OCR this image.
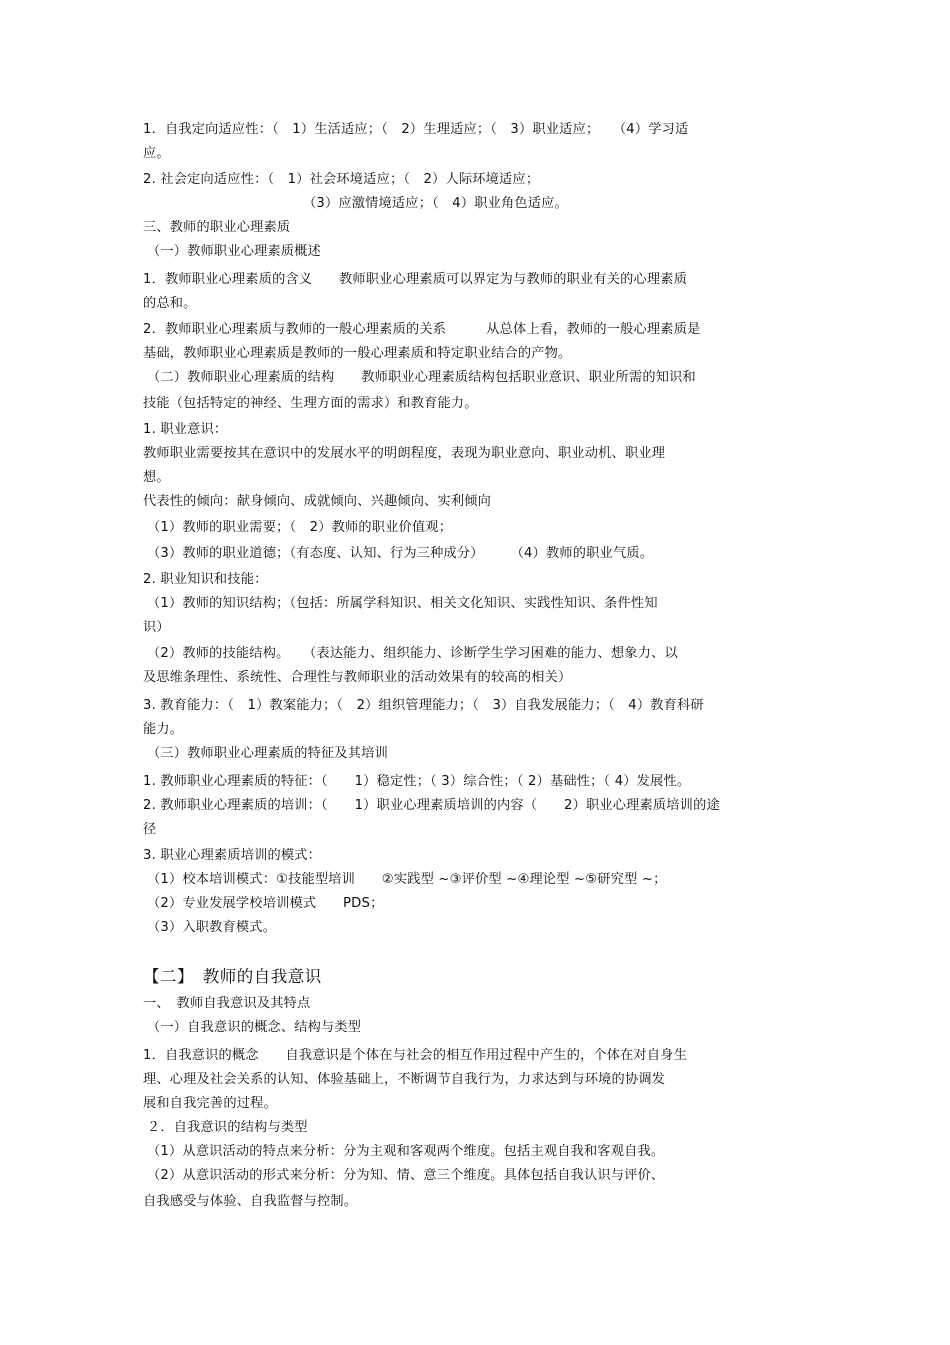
1．自我定向适应性：（　1）生活适应；（　2）生理适应；（　3）职业适应；　　（4）学习适
应。
2. 社会定向适应性：（　1）社会环境适应；（　2）人际环境适应；
（3）应激情境适应；（　4）职业角色适应。
三、教师的职业心理素质
（一）教师职业心理素质概述
1．教师职业心理素质的含义　　教师职业心理素质可以界定为与教师的职业有关的心理素质
的总和。
2．教师职业心理素质与教师的一般心理素质的关系　　　从总体上看，教师的一般心理素质是
基础，教师职业心理素质是教师的一般心理素质和特定职业结合的产物。
（二）教师职业心理素质的结构　　教师职业心理素质结构包括职业意识、职业所需的知识和
技能（包括特定的神经、生理方面的需求）和教育能力。
1. 职业意识：
教师职业需要按其在意识中的发展水平的明朗程度，表现为职业意向、职业动机、职业理
想。
代表性的倾向：献身倾向、成就倾向、兴趣倾向、实利倾向
（1）教师的职业需要；（　2）教师的职业价值观；
（3）教师的职业道德；（有态度、认知、行为三种成分）　　　（4）教师的职业气质。
2. 职业知识和技能：
（1）教师的知识结构；（包括：所属学科知识、相关文化知识、实践性知识、条件性知
识）
（2）教师的技能结构。　　（表达能力、组织能力、诊断学生学习困难的能力、想象力、以
及思维条理性、系统性、合理性与教师职业的活动效果有的较高的相关）
3. 教育能力：（　1）教案能力；（　2）组织管理能力；（　3）自我发展能力；（　4）教育科研
能力。
（三）教师职业心理素质的特征及其培训
1. 教师职业心理素质的特征：（　　1）稳定性；（ 3）综合性；（ 2）基础性；（ 4）发展性。
2. 教师职业心理素质的培训：（　　1）职业心理素质培训的内容（　　2）职业心理素质培训的途
径
3. 职业心理素质培训的模式：
（1）校本培训模式：①技能型培训　　②实践型 ~③评价型 ~④理论型 ~⑤研究型 ~；
（2）专业发展学校培训模式　　PDS；
（3）入职教育模式。
【二】　教师的自我意识
一、　教师自我意识及其特点
（一）自我意识的概念、结构与类型
1．自我意识的概念　　自我意识是个体在与社会的相互作用过程中产生的，个体在对自身生
理、心理及社会关系的认知、体验基础上，不断调节自我行为，力求达到与环境的协调发
展和自我完善的过程。
２．自我意识的结构与类型
（1）从意识活动的特点来分析：分为主观和客观两个维度。包括主观自我和客观自我。
（2）从意识活动的形式来分析：分为知、情、意三个维度。具体包括自我认识与评价、
自我感受与体验、自我监督与控制。
